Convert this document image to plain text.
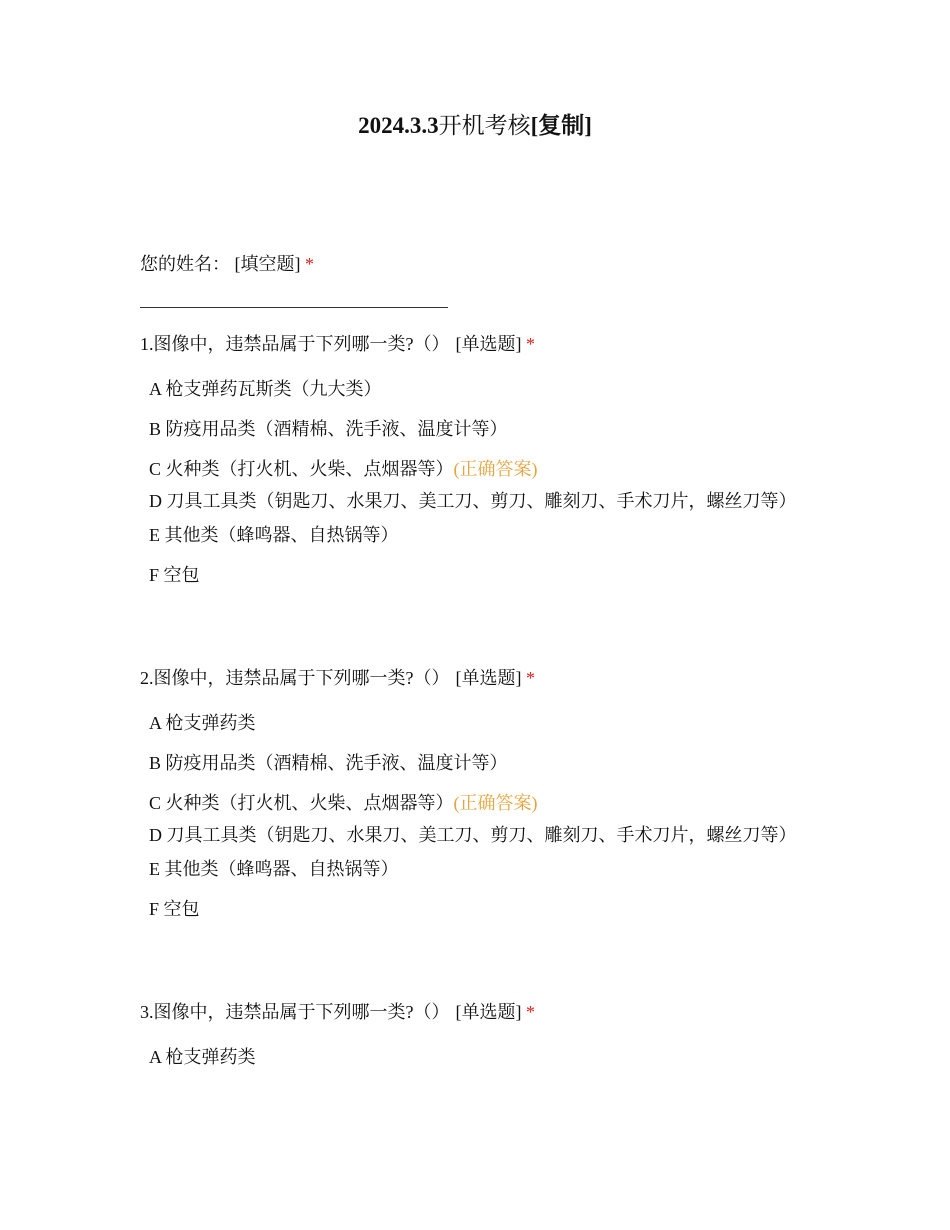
2024.3.3开机考核[复制]
您的姓名： [填空题] *
1.图像中，违禁品属于下列哪一类?（） [单选题] *
A 枪支弹药瓦斯类（九大类）
B 防疫用品类（酒精棉、洗手液、温度计等）
C 火种类（打火机、火柴、点烟器等）(正确答案)
D 刀具工具类（钥匙刀、水果刀、美工刀、剪刀、雕刻刀、手术刀片，螺丝刀等）
E 其他类（蜂鸣器、自热锅等）
F 空包
2.图像中，违禁品属于下列哪一类?（） [单选题] *
A 枪支弹药类
B 防疫用品类（酒精棉、洗手液、温度计等）
C 火种类（打火机、火柴、点烟器等）(正确答案)
D 刀具工具类（钥匙刀、水果刀、美工刀、剪刀、雕刻刀、手术刀片，螺丝刀等）
E 其他类（蜂鸣器、自热锅等）
F 空包
3.图像中，违禁品属于下列哪一类?（） [单选题] *
A 枪支弹药类
